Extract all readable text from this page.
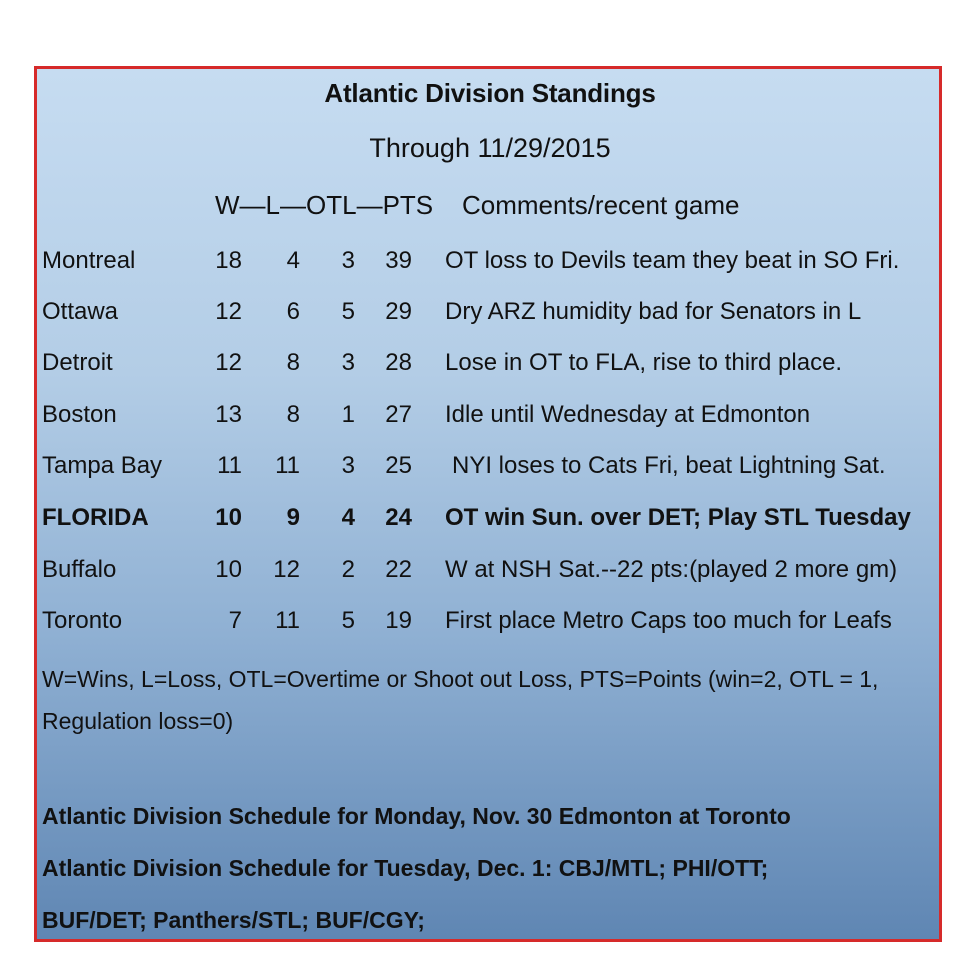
Atlantic Division Standings
Through 11/29/2015
W—L—OTL—PTS Comments/recent game
Montreal	18	4	3	39 OT loss to Devils team they beat in SO Fri.
Ottawa	12	6	5	29 Dry ARZ humidity bad for Senators in L
Detroit	12	8	3	28 Lose in OT to FLA, rise to third place.
Boston	13	8	1	27 Idle until Wednesday at Edmonton
Tampa Bay	11	11	3	25 NYI loses to Cats Fri, beat Lightning Sat.
FLORIDA	10	9	4	24 OT win Sun. over DET; Play STL Tuesday
Buffalo	10	12	2	22 W at NSH Sat.--22 pts:(played 2 more gm)
Toronto	7	11	5	19 First place Metro Caps too much for Leafs
W=Wins, L=Loss, OTL=Overtime or Shoot out Loss, PTS=Points (win=2, OTL = 1, Regulation loss=0)
Atlantic Division Schedule for Monday, Nov. 30 Edmonton at Toronto
Atlantic Division Schedule for Tuesday, Dec. 1: CBJ/MTL; PHI/OTT;
BUF/DET; Panthers/STL; BUF/CGY;
